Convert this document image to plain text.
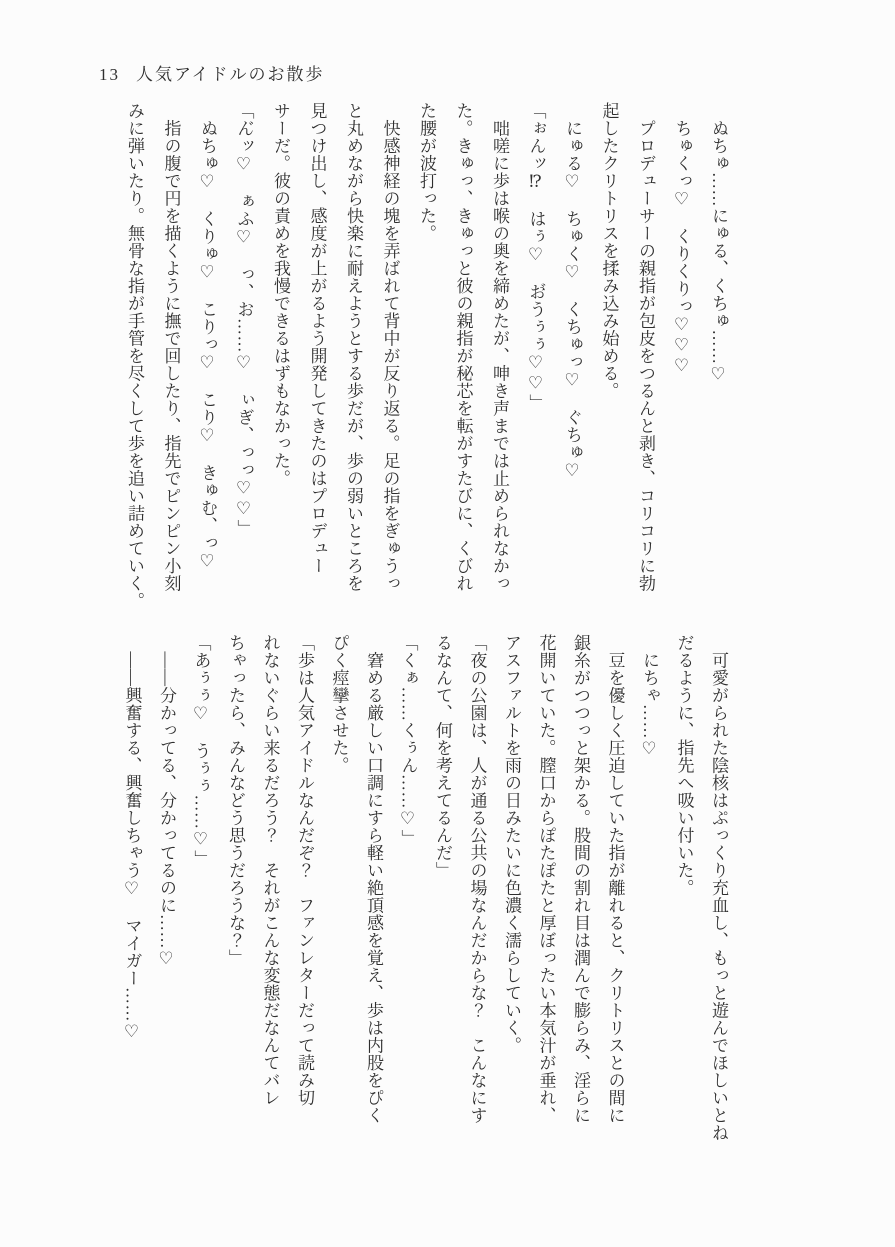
13 人気アイドルのお散歩
　ぬちゅ……にゅる、くちゅ……♡
　ちゅくっ♡　くりくりっ♡♡♡
　プロデューサーの親指が包皮をつるんと剥き、コリコリに勃
起したクリトリスを揉み込み始める。
　にゅる♡　ちゅく♡　くちゅっ♡　ぐちゅ♡
「ぉんッ⁉　はぅ♡　お゙うぅぅ♡♡」
　咄嗟に歩は喉の奥を締めたが、呻き声までは止められなかっ
た。きゅっ、きゅっと彼の親指が秘芯を転がすたびに、くびれ
た腰が波打った。
　快感神経の塊を弄ばれて背中が反り返る。足の指をぎゅうっ
と丸めながら快楽に耐えようとする歩だが、歩の弱いところを
見つけ出し、感度が上がるよう開発してきたのはプロデュー
サーだ。彼の責めを我慢できるはずもなかった。
「ん゙ッ♡　ぁふ♡　っ、お……♡　ぃぎ、っっ♡♡」
　ぬちゅ♡　くりゅ♡　こりっ♡　こり♡　きゅむ、っ♡
　指の腹で円を描くように撫で回したり、指先でピンピン小刻
みに弾いたり。無骨な指が手管を尽くして歩を追い詰めていく。
　可愛がられた陰核はぷっくり充血し、もっと遊んでほしいとね
だるように、指先へ吸い付いた。
　にちゃ……♡
　豆を優しく圧迫していた指が離れると、クリトリスとの間に
銀糸がつつっと架かる。股間の割れ目は潤んで膨らみ、淫らに
花開いていた。膣口からぽたぽたと厚ぼったい本気汁が垂れ、
アスファルトを雨の日みたいに色濃く濡らしていく。
「夜の公園は、人が通る公共の場なんだからな？　こんなにす
るなんて、何を考えてるんだ」
「くぁ……くぅん……♡」
　窘める厳しい口調にすら軽い絶頂感を覚え、歩は内股をぴく
ぴく痙攣させた。
「歩は人気アイドルなんだぞ？　ファンレターだって読み切
れないぐらい来るだろう？　それがこんな変態だなんてバレ
ちゃったら、みんなどう思うだろうな？」
「あぅぅ♡　うぅぅ……♡」
　——分かってる、分かってるのに……♡
　——興奮する、興奮しちゃう♡　マイガー……♡
